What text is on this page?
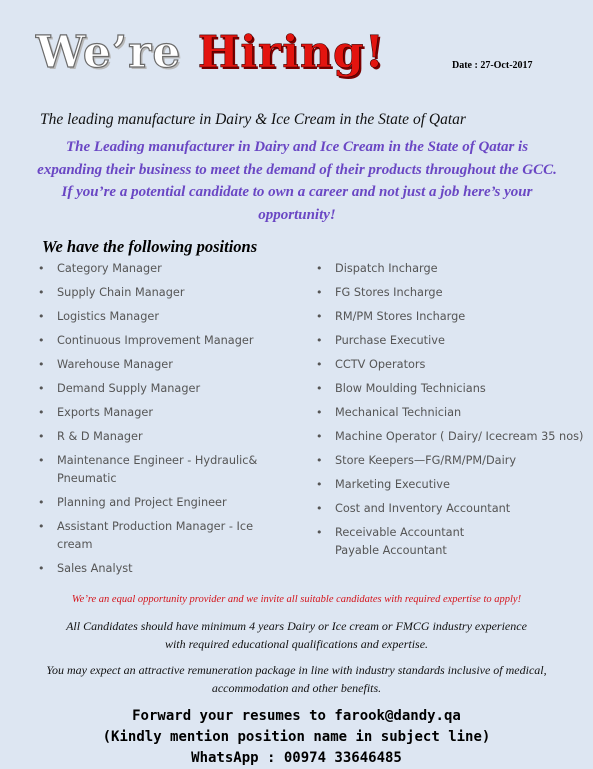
We’re Hiring!	Date : 27-Oct-2017
The leading manufacture in Dairy & Ice Cream in the State of Qatar
The Leading manufacturer in Dairy and Ice Cream in the State of Qatar is expanding their business to meet the demand of their products throughout the GCC. If you’re a potential candidate to own a career and not just a job here’s your opportunity!
We have the following positions
• Category Manager
• Supply Chain Manager
• Logistics Manager
• Continuous Improvement Manager
• Warehouse Manager
• Demand Supply Manager
• Exports Manager
• R & D Manager
• Maintenance Engineer - Hydraulic& Pneumatic
• Planning and Project Engineer
• Assistant Production Manager - Ice cream
• Sales Analyst
• Dispatch Incharge
• FG Stores Incharge
• RM/PM Stores Incharge
• Purchase Executive
• CCTV Operators
• Blow Moulding Technicians
• Mechanical Technician
• Machine Operator ( Dairy/ Icecream 35 nos)
• Store Keepers—FG/RM/PM/Dairy
• Marketing Executive
• Cost and Inventory Accountant
• Receivable Accountant
Payable Accountant
We’re an equal opportunity provider and we invite all suitable candidates with required expertise to apply!
All Candidates should have minimum 4 years Dairy or Ice cream or FMCG industry experience with required educational qualifications and expertise.
You may expect an attractive remuneration package in line with industry standards inclusive of medical, accommodation and other benefits.
Forward your resumes to farook@dandy.qa
(Kindly mention position name in subject line)
WhatsApp : 00974 33646485
